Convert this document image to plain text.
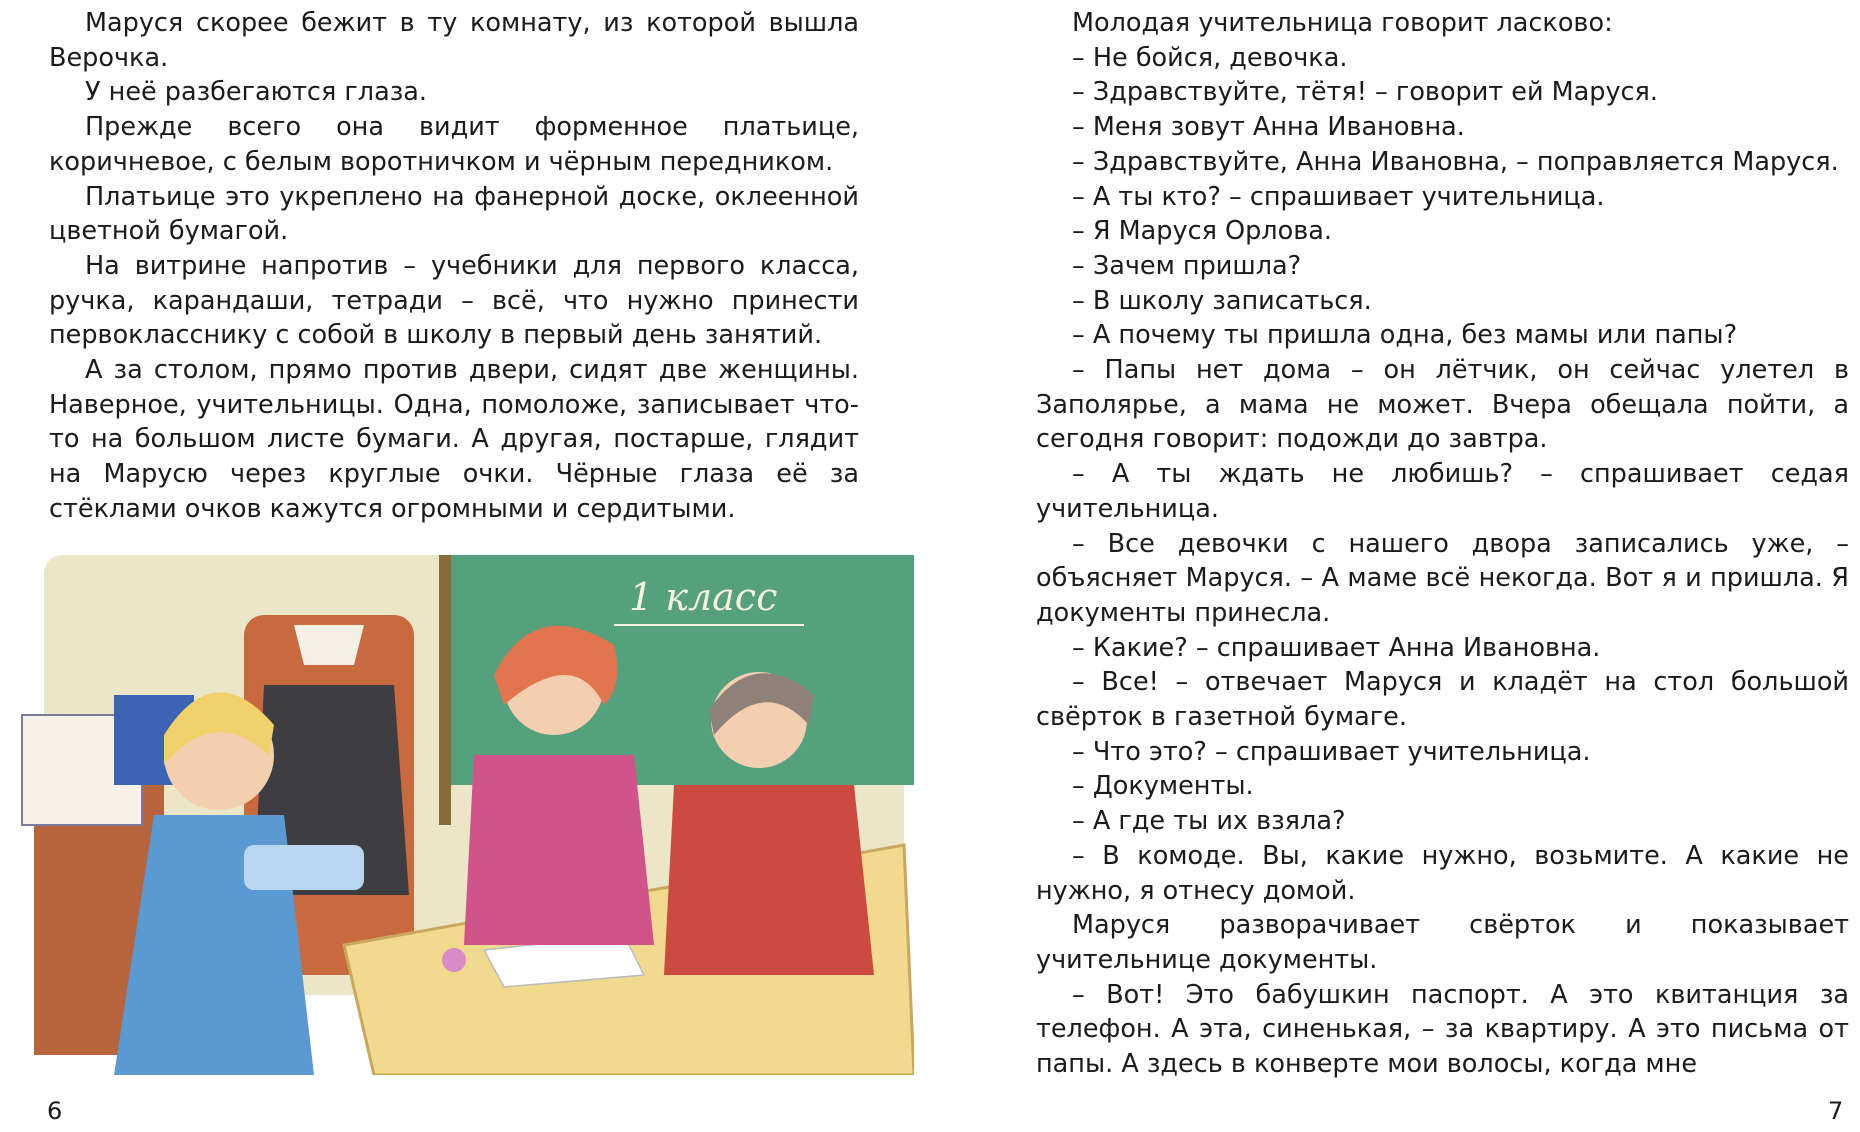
Маруся скорее бежит в ту комнату, из которой вышла Верочка.

У неё разбегаются глаза.

Прежде всего она видит форменное платьице, коричневое, с белым воротничком и чёрным передником.

Платьице это укреплено на фанерной доске, оклеенной цветной бумагой.

На витрине напротив – учебники для первого класса, ручка, карандаши, тетради – всё, что нужно принести первокласснику с собой в школу в первый день занятий.

А за столом, прямо против двери, сидят две женщины. Наверное, учительницы. Одна, помоложе, записывает что-то на большом листе бумаги. А другая, постарше, глядит на Марусю через круглые очки. Чёрные глаза её за стёклами очков кажутся огромными и сердитыми.

1 класс
6

Молодая учительница говорит ласково:

– Не бойся, девочка.

– Здравствуйте, тётя! – говорит ей Маруся.

– Меня зовут Анна Ивановна.

– Здравствуйте, Анна Ивановна, – поправляется Маруся.

– А ты кто? – спрашивает учительница.

– Я Маруся Орлова.

– Зачем пришла?

– В школу записаться.

– А почему ты пришла одна, без мамы или папы?

– Папы нет дома – он лётчик, он сейчас улетел в Заполярье, а мама не может. Вчера обещала пойти, а сегодня говорит: подожди до завтра.

– А ты ждать не любишь? – спрашивает седая учительница.

– Все девочки с нашего двора записались уже, – объясняет Маруся. – А маме всё некогда. Вот я и пришла. Я документы принесла.

– Какие? – спрашивает Анна Ивановна.

– Все! – отвечает Маруся и кладёт на стол большой свёрток в газетной бумаге.

– Что это? – спрашивает учительница.

– Документы.

– А где ты их взяла?

– В комоде. Вы, какие нужно, возьмите. А какие не нужно, я отнесу домой.

Маруся разворачивает свёрток и показывает учительнице документы.

– Вот! Это бабушкин паспорт. А это квитанция за телефон. А эта, синенькая, – за квартиру. А это письма от папы. А здесь в конверте мои волосы, когда мне

7
